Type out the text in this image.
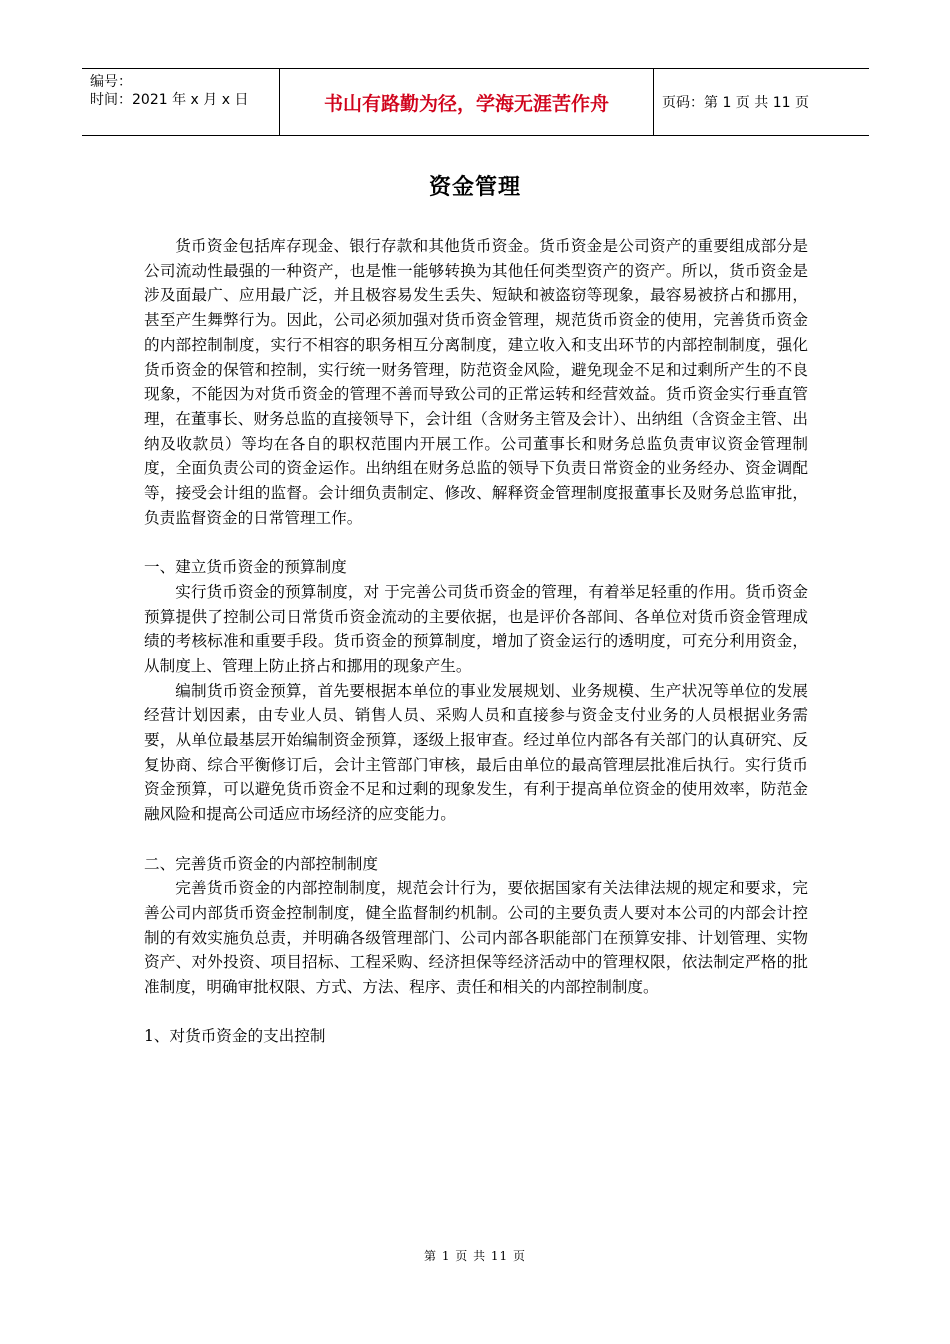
编号：
时间：2021 年 x 月 x 日	书山有路勤为径，学海无涯苦作舟	页码：第 1 页 共 11 页
资金管理

货币资金包括库存现金、银行存款和其他货币资金。货币资金是公司资产的重要组成部分是公司流动性最强的一种资产，也是惟一能够转换为其他任何类型资产的资产。所以，货币资金是涉及面最广、应用最广泛，并且极容易发生丢失、短缺和被盗窃等现象，最容易被挤占和挪用，甚至产生舞弊行为。因此，公司必须加强对货币资金管理，规范货币资金的使用，完善货币资金的内部控制制度，实行不相容的职务相互分离制度，建立收入和支出环节的内部控制制度，强化货币资金的保管和控制，实行统一财务管理，防范资金风险，避免现金不足和过剩所产生的不良现象，不能因为对货币资金的管理不善而导致公司的正常运转和经营效益。货币资金实行垂直管理，在董事长、财务总监的直接领导下，会计组（含财务主管及会计）、出纳组（含资金主管、出纳及收款员）等均在各自的职权范围内开展工作。公司董事长和财务总监负责审议资金管理制度，全面负责公司的资金运作。出纳组在财务总监的领导下负责日常资金的业务经办、资金调配等，接受会计组的监督。会计细负责制定、修改、解释资金管理制度报董事长及财务总监审批，负责监督资金的日常管理工作。

一、建立货币资金的预算制度

实行货币资金的预算制度，对 于完善公司货币资金的管理，有着举足轻重的作用。货币资金预算提供了控制公司日常货币资金流动的主要依据，也是评价各部间、各单位对货币资金管理成绩的考核标准和重要手段。货币资金的预算制度，增加了资金运行的透明度，可充分利用资金，从制度上、管理上防止挤占和挪用的现象产生。

编制货币资金预算，首先要根据本单位的事业发展规划、业务规模、生产状况等单位的发展经营计划因素，由专业人员、销售人员、采购人员和直接参与资金支付业务的人员根据业务需要，从单位最基层开始编制资金预算，逐级上报审查。经过单位内部各有关部门的认真研究、反复协商、综合平衡修订后，会计主管部门审核，最后由单位的最高管理层批准后执行。实行货币资金预算，可以避免货币资金不足和过剩的现象发生，有利于提高单位资金的使用效率，防范金融风险和提高公司适应市场经济的应变能力。

二、完善货币资金的内部控制制度

完善货币资金的内部控制制度，规范会计行为，要依据国家有关法律法规的规定和要求，完善公司内部货币资金控制制度，健全监督制约机制。公司的主要负责人要对本公司的内部会计控制的有效实施负总责，并明确各级管理部门、公司内部各职能部门在预算安排、计划管理、实物资产、对外投资、项目招标、工程采购、经济担保等经济活动中的管理权限，依法制定严格的批准制度，明确审批权限、方式、方法、程序、责任和相关的内部控制制度。

1、对货币资金的支出控制

第 1 页 共 11 页
